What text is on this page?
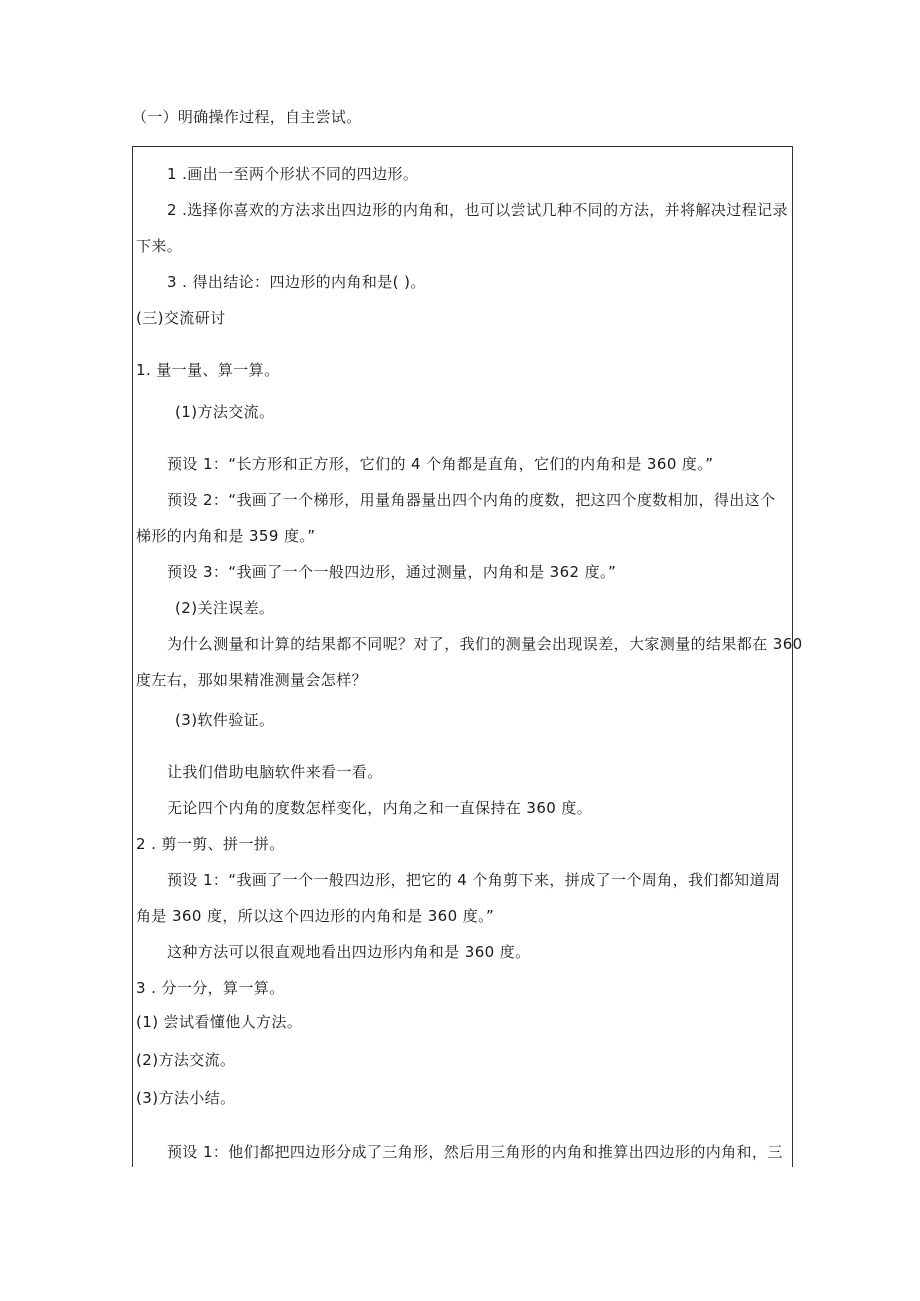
（一）明确操作过程，自主尝试。
1 .画出一至两个形状不同的四边形。
2 .选择你喜欢的方法求出四边形的内角和，也可以尝试几种不同的方法，并将解决过程记录
下来。
3 . 得出结论：四边形的内角和是( )。
(三)交流研讨
1. 量一量、算一算。
(1)方法交流。
预设 1：“长方形和正方形，它们的 4 个角都是直角，它们的内角和是 360 度。”
预设 2：“我画了一个梯形，用量角器量出四个内角的度数，把这四个度数相加，得出这个
梯形的内角和是 359 度。”
预设 3：“我画了一个一般四边形，通过测量，内角和是 362 度。”
(2)关注误差。
为什么测量和计算的结果都不同呢？对了，我们的测量会出现误差，大家测量的结果都在 360
度左右，那如果精准测量会怎样？
(3)软件验证。
让我们借助电脑软件来看一看。
无论四个内角的度数怎样变化，内角之和一直保持在 360 度。
2 . 剪一剪、拼一拼。
预设 1：“我画了一个一般四边形，把它的 4 个角剪下来，拼成了一个周角，我们都知道周
角是 360 度，所以这个四边形的内角和是 360 度。”
这种方法可以很直观地看出四边形内角和是 360 度。
3 . 分一分，算一算。
(1) 尝试看懂他人方法。
(2)方法交流。
(3)方法小结。
预设 1：他们都把四边形分成了三角形，然后用三角形的内角和推算出四边形的内角和，三
